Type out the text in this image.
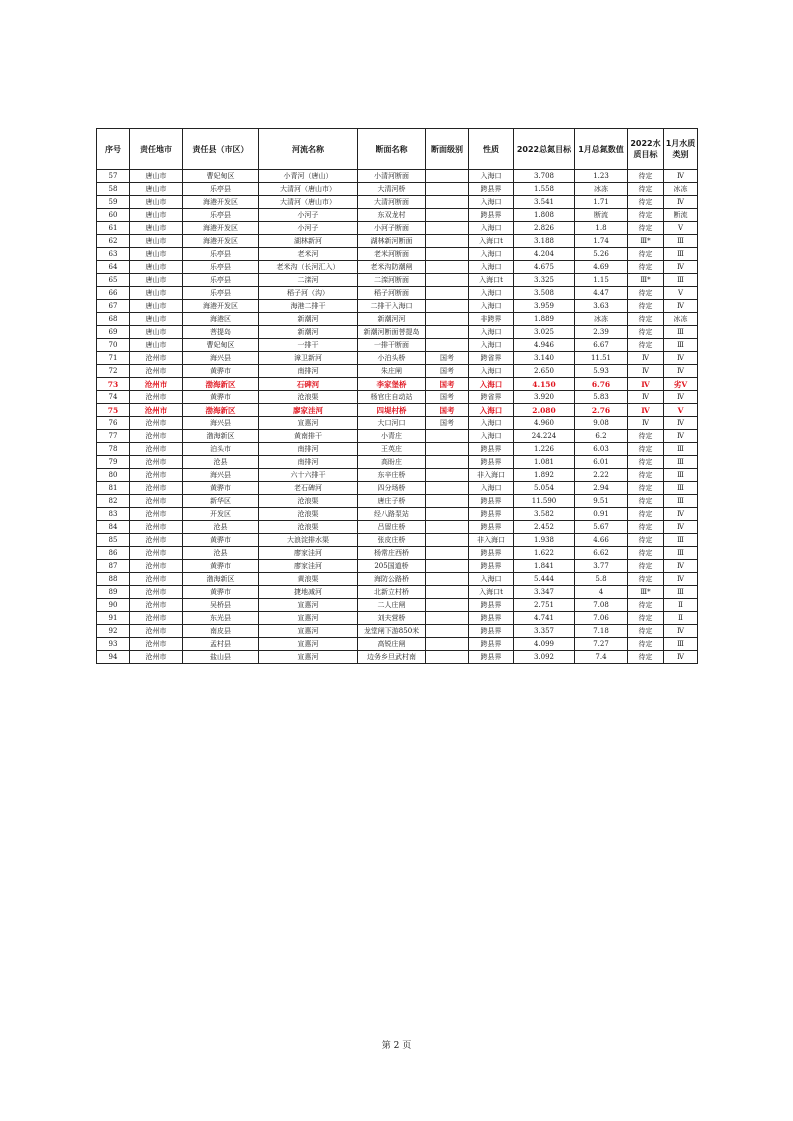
序号	责任地市	责任县（市区）	河流名称	断面名称	断面级别	性质	2022总氮目标	1月总氮数值	2022水质目标	1月水质类别
57	唐山市	曹妃甸区	小青河（唐山）	小清河断面		入海口	3.708	1.23	待定	Ⅳ
58	唐山市	乐亭县	大清河（唐山市）	大清河桥		跨县界	1.558	冰冻	待定	冰冻
59	唐山市	海港开发区	大清河（唐山市）	大清河断面		入海口	3.541	1.71	待定	Ⅳ
60	唐山市	乐亭县	小河子	东双龙村		跨县界	1.808	断流	待定	断流
61	唐山市	海港开发区	小河子	小河子断面		入海口	2.826	1.8	待定	Ⅴ
62	唐山市	海港开发区	湖林新河	湖林新河断面		入海口t	3.188	1.74	Ⅲ*	Ⅲ
63	唐山市	乐亭县	老米河	老米河断面		入海口	4.204	5.26	待定	Ⅲ
64	唐山市	乐亭县	老米沟（长河汇入）	老米沟防潮闸		入海口	4.675	4.69	待定	Ⅳ
65	唐山市	乐亭县	二滦河	二滦河断面		入海口t	3.325	1.15	Ⅲ*	Ⅲ
66	唐山市	乐亭县	稻子河（沟）	稻子河断面		入海口	3.508	4.47	待定	Ⅴ
67	唐山市	海港开发区	海港二排干	二排干入海口		入海口	3.959	3.63	待定	Ⅳ
68	唐山市	海港区	新潮河	新潮河河		非跨界	1.889	冰冻	待定	冰冻
69	唐山市	菩提岛	新潮河	新潮河断面菩提岛		入海口	3.025	2.39	待定	Ⅲ
70	唐山市	曹妃甸区	一排干	一排干断面		入海口	4.946	6.67	待定	Ⅲ
71	沧州市	海兴县	漳卫新河	小泊头桥	国考	跨省界	3.140	11.51	Ⅳ	Ⅳ
72	沧州市	黄骅市	南排河	朱庄闸	国考	入海口	2.650	5.93	Ⅳ	Ⅳ
73	沧州市	渤海新区	石碑河	李家堡桥	国考	入海口	4.150	6.76	Ⅳ	劣Ⅴ
74	沧州市	黄骅市	沧浪渠	杨官庄自动站	国考	跨省界	3.920	5.83	Ⅳ	Ⅳ
75	沧州市	渤海新区	廖家洼河	四堤村桥	国考	入海口	2.080	2.76	Ⅳ	Ⅴ
76	沧州市	海兴县	宣惠河	大口河口	国考	入海口	4.960	9.08	Ⅳ	Ⅳ
77	沧州市	渤海新区	黄南排干	小青庄		入海口	24.224	6.2	待定	Ⅳ
78	沧州市	泊头市	南排河	王英庄		跨县界	1.226	6.03	待定	Ⅲ
79	沧州市	沧县	南排河	高盼庄		跨县界	1.081	6.01	待定	Ⅲ
80	沧州市	海兴县	六十六排干	东辛庄桥		非入海口	1.892	2.22	待定	Ⅲ
81	沧州市	黄骅市	老石碑河	四分场桥		入海口	5.054	2.94	待定	Ⅲ
82	沧州市	新华区	沧浪渠	唐庄子桥		跨县界	11.590	9.51	待定	Ⅲ
83	沧州市	开发区	沧浪渠	经八路泵站		跨县界	3.582	0.91	待定	Ⅳ
84	沧州市	沧县	沧浪渠	吕留庄桥		跨县界	2.452	5.67	待定	Ⅳ
85	沧州市	黄骅市	大浪淀排水渠	张皮庄桥		非入海口	1.938	4.66	待定	Ⅲ
86	沧州市	沧县	廖家洼河	杨常庄西桥		跨县界	1.622	6.62	待定	Ⅲ
87	沧州市	黄骅市	廖家洼河	205国道桥		跨县界	1.841	3.77	待定	Ⅳ
88	沧州市	渤海新区	黄浪渠	海防公路桥		入海口	5.444	5.8	待定	Ⅳ
89	沧州市	黄骅市	捷地减河	北新立村桥		入海口t	3.347	4	Ⅲ*	Ⅲ
90	沧州市	吴桥县	宣惠河	二人庄闸		跨县界	2.751	7.08	待定	Ⅱ
91	沧州市	东光县	宣惠河	刘夫营桥		跨县界	4.741	7.06	待定	Ⅱ
92	沧州市	南皮县	宣惠河	龙堂闸下游850米		跨县界	3.357	7.18	待定	Ⅳ
93	沧州市	孟村县	宣惠河	高锐庄闸		跨县界	4.099	7.27	待定	Ⅲ
94	沧州市	盐山县	宣惠河	边务乡旦武村南		跨县界	3.092	7.4	待定	Ⅳ
第 2 页
